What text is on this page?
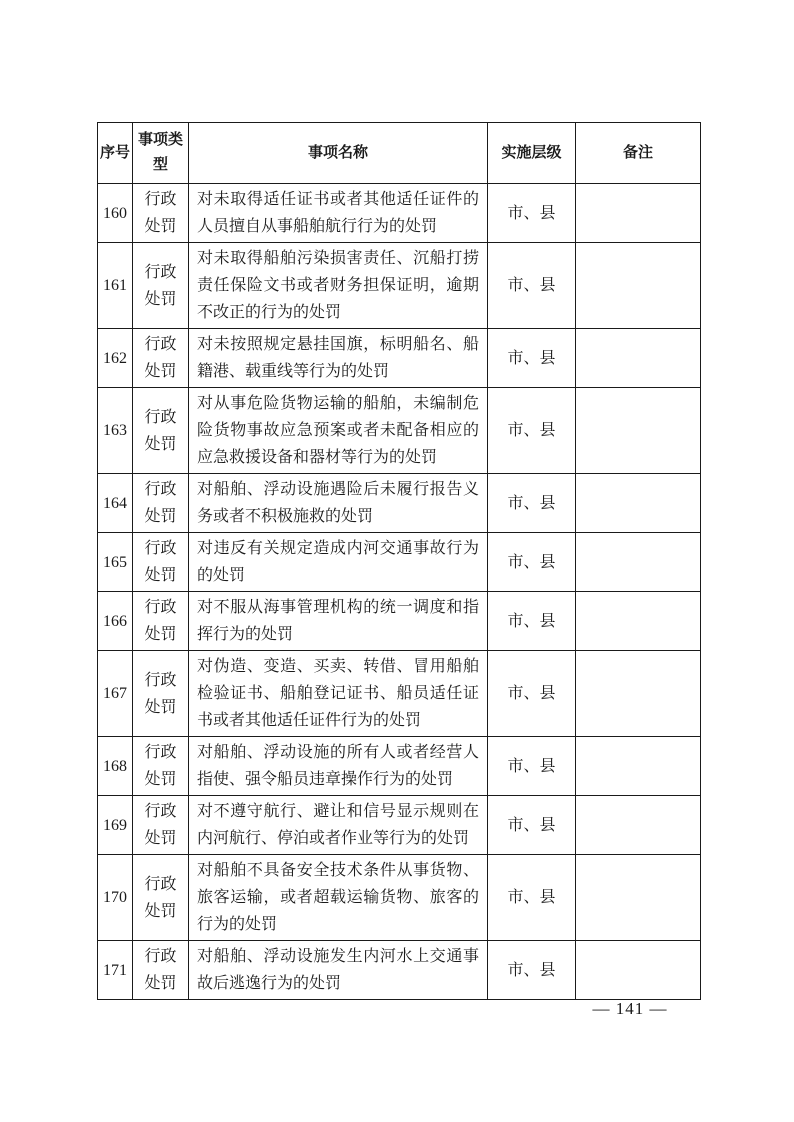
序号	事项类型	事项名称	实施层级	备注
160	行政处罚	对未取得适任证书或者其他适任证件的人员擅自从事船舶航行行为的处罚	市、县	
161	行政处罚	对未取得船舶污染损害责任、沉船打捞责任保险文书或者财务担保证明，逾期不改正的行为的处罚	市、县	
162	行政处罚	对未按照规定悬挂国旗，标明船名、船籍港、载重线等行为的处罚	市、县	
163	行政处罚	对从事危险货物运输的船舶，未编制危险货物事故应急预案或者未配备相应的应急救援设备和器材等行为的处罚	市、县	
164	行政处罚	对船舶、浮动设施遇险后未履行报告义务或者不积极施救的处罚	市、县	
165	行政处罚	对违反有关规定造成内河交通事故行为的处罚	市、县	
166	行政处罚	对不服从海事管理机构的统一调度和指挥行为的处罚	市、县	
167	行政处罚	对伪造、变造、买卖、转借、冒用船舶检验证书、船舶登记证书、船员适任证书或者其他适任证件行为的处罚	市、县	
168	行政处罚	对船舶、浮动设施的所有人或者经营人指使、强令船员违章操作行为的处罚	市、县	
169	行政处罚	对不遵守航行、避让和信号显示规则在内河航行、停泊或者作业等行为的处罚	市、县	
170	行政处罚	对船舶不具备安全技术条件从事货物、旅客运输，或者超载运输货物、旅客的行为的处罚	市、县	
171	行政处罚	对船舶、浮动设施发生内河水上交通事故后逃逸行为的处罚	市、县	
— 141 —
